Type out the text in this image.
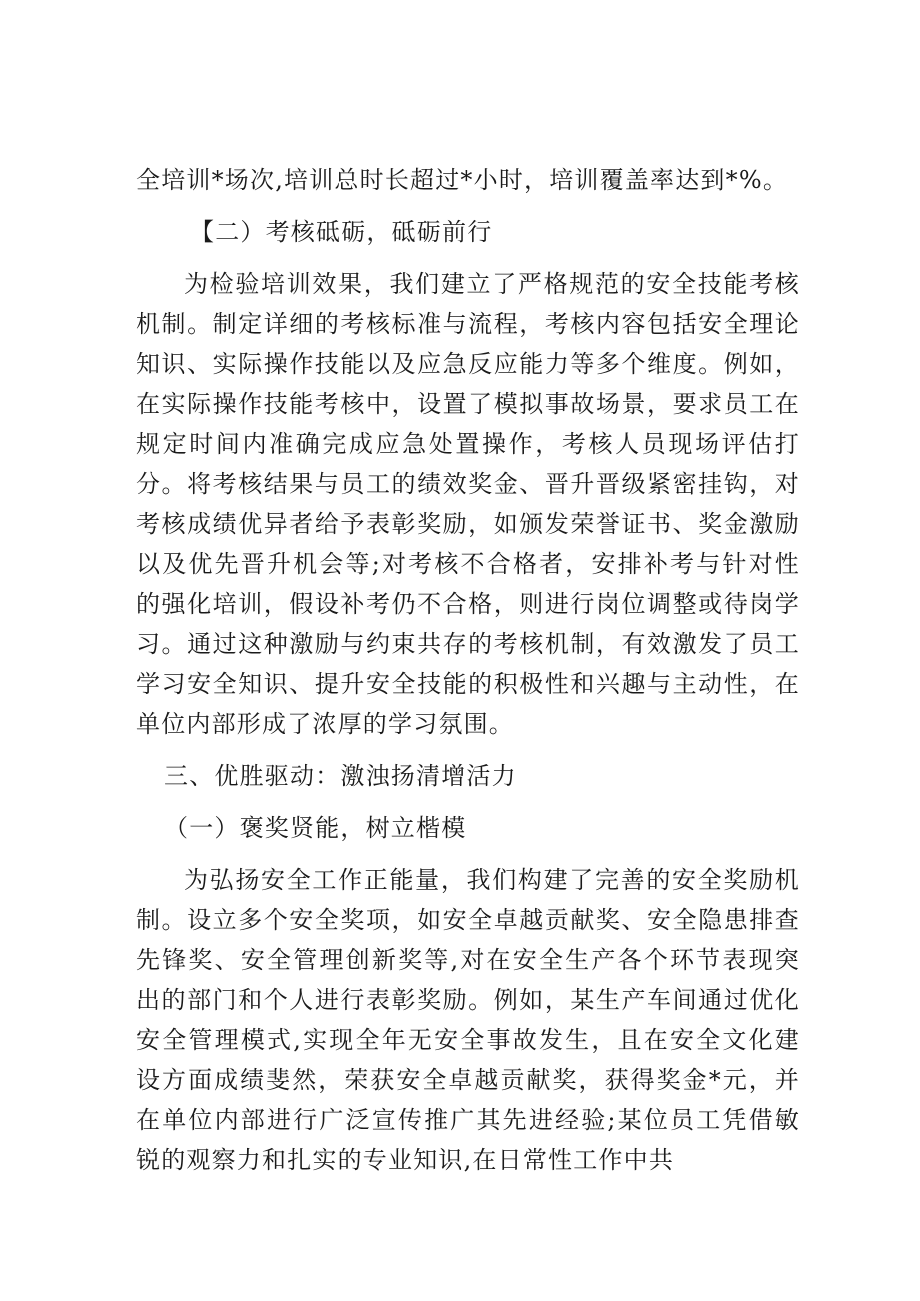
全培训*场次,培训总时长超过*小时，培训覆盖率达到*%。

【二）考核砥砺，砥砺前行

为检验培训效果，我们建立了严格规范的安全技能考核机制。制定详细的考核标准与流程，考核内容包括安全理论知识、实际操作技能以及应急反应能力等多个维度。例如，在实际操作技能考核中，设置了模拟事故场景，要求员工在规定时间内准确完成应急处置操作，考核人员现场评估打分。将考核结果与员工的绩效奖金、晋升晋级紧密挂钩，对考核成绩优异者给予表彰奖励，如颁发荣誉证书、奖金激励以及优先晋升机会等;对考核不合格者，安排补考与针对性的强化培训，假设补考仍不合格，则进行岗位调整或待岗学习。通过这种激励与约束共存的考核机制，有效激发了员工学习安全知识、提升安全技能的积极性和兴趣与主动性，在单位内部形成了浓厚的学习氛围。

三、优胜驱动：激浊扬清增活力

（一）褒奖贤能，树立楷模

为弘扬安全工作正能量，我们构建了完善的安全奖励机制。设立多个安全奖项，如安全卓越贡献奖、安全隐患排查先锋奖、安全管理创新奖等,对在安全生产各个环节表现突出的部门和个人进行表彰奖励。例如，某生产车间通过优化安全管理模式,实现全年无安全事故发生，且在安全文化建设方面成绩斐然，荣获安全卓越贡献奖，获得奖金*元，并在单位内部进行广泛宣传推广其先进经验;某位员工凭借敏锐的观察力和扎实的专业知识,在日常性工作中共
